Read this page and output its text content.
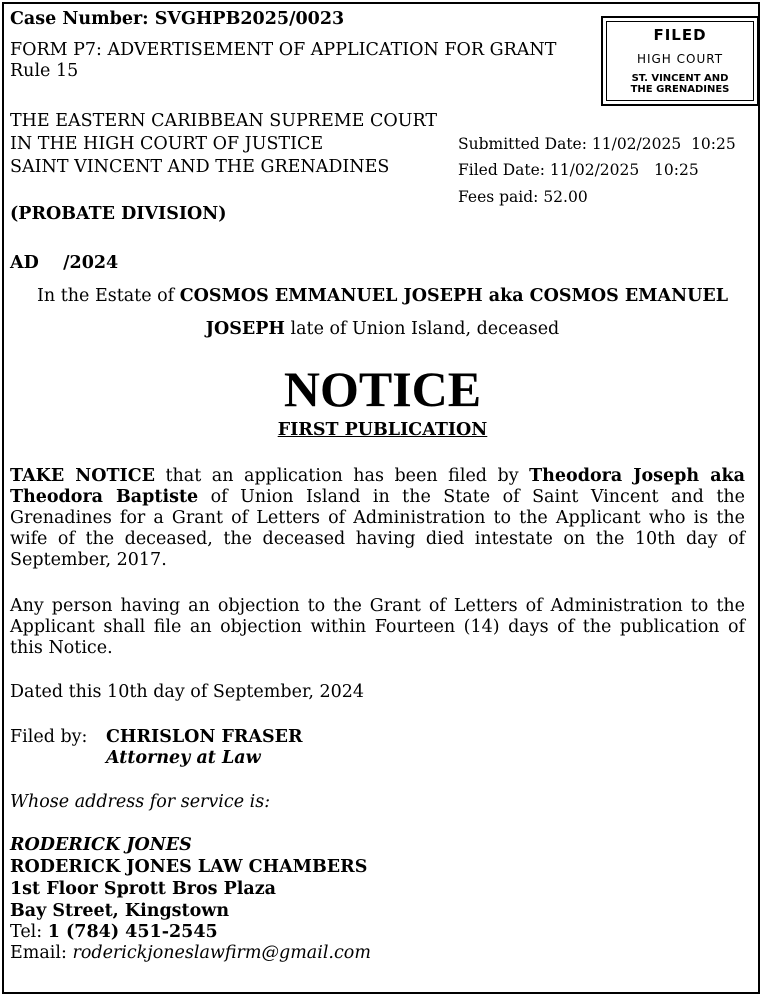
Case Number: SVGHPB2025/0023
FORM P7: ADVERTISEMENT OF APPLICATION FOR GRANT
Rule 15
FILED
HIGH COURT
ST. VINCENT AND
THE GRENADINES
THE EASTERN CARIBBEAN SUPREME COURT
IN THE HIGH COURT OF JUSTICE
SAINT VINCENT AND THE GRENADINES
(PROBATE DIVISION)
Submitted Date: 11/02/2025  10:25
Filed Date: 11/02/2025   10:25
Fees paid: 52.00
AD    /2024
In the Estate of COSMOS EMMANUEL JOSEPH aka COSMOS EMANUEL
JOSEPH late of Union Island, deceased
NOTICE
FIRST PUBLICATION
TAKE NOTICE that an application has been filed by Theodora Joseph aka Theodora Baptiste of Union Island in the State of Saint Vincent and the Grenadines for a Grant of Letters of Administration to the Applicant who is the wife of the deceased, the deceased having died intestate on the 10th day of September, 2017.
Any person having an objection to the Grant of Letters of Administration to the Applicant shall file an objection within Fourteen (14) days of the publication of this Notice.
Dated this 10th day of September, 2024
Filed by: CHRISLON FRASER
Attorney at Law
Whose address for service is:
RODERICK JONES
RODERICK JONES LAW CHAMBERS
1st Floor Sprott Bros Plaza
Bay Street, Kingstown
Tel: 1 (784) 451-2545
Email: roderickjoneslawfirm@gmail.com
